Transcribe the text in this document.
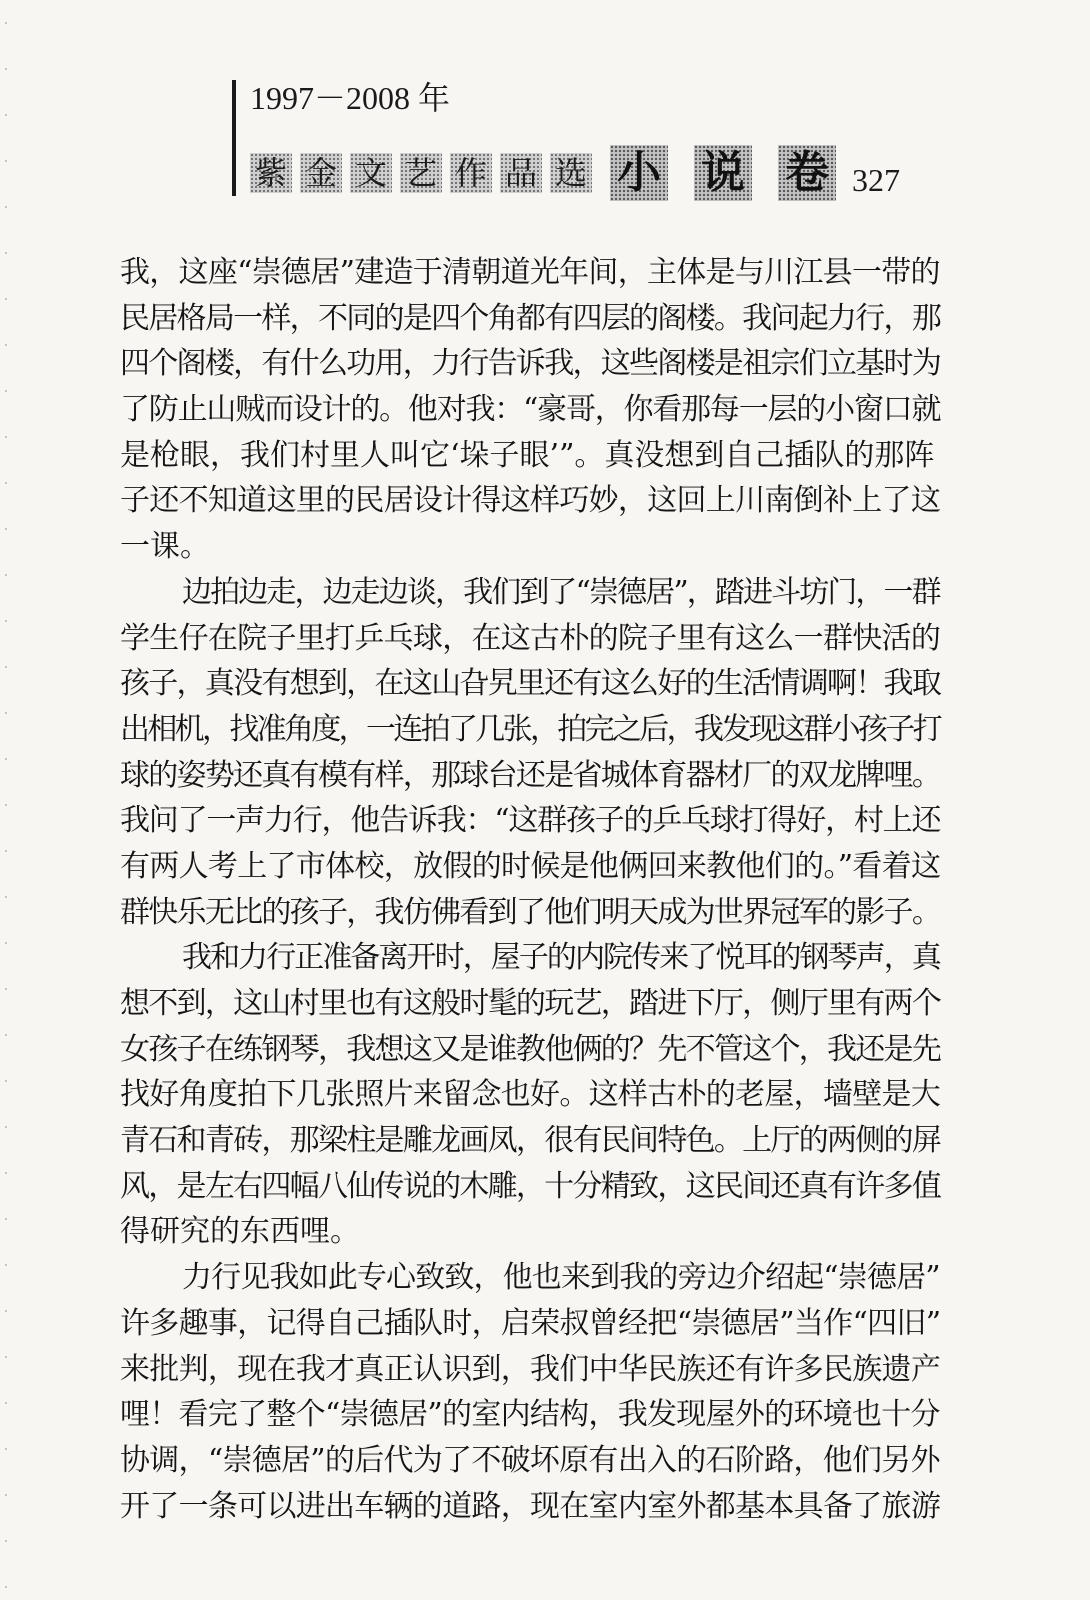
1997－2008 年
紫 金 文 艺 作 品 选 小 说 卷 327
我，这座“崇德居”建造于清朝道光年间，主体是与川江县一带的
民居格局一样，不同的是四个角都有四层的阁楼。我问起力行，那
四个阁楼，有什么功用，力行告诉我，这些阁楼是祖宗们立基时为
了防止山贼而设计的。他对我：“豪哥，你看那每一层的小窗口就
是枪眼，我们村里人叫它‘垛子眼’”。真没想到自己插队的那阵
子还不知道这里的民居设计得这样巧妙，这回上川南倒补上了这
一课。
边拍边走，边走边谈，我们到了“崇德居”，踏进斗坊门，一群
学生仔在院子里打乒乓球，在这古朴的院子里有这么一群快活的
孩子，真没有想到，在这山旮旯里还有这么好的生活情调啊！我取
出相机，找准角度，一连拍了几张，拍完之后，我发现这群小孩子打
球的姿势还真有模有样，那球台还是省城体育器材厂的双龙牌哩。
我问了一声力行，他告诉我：“这群孩子的乒乓球打得好，村上还
有两人考上了市体校，放假的时候是他俩回来教他们的。”看着这
群快乐无比的孩子，我仿佛看到了他们明天成为世界冠军的影子。
我和力行正准备离开时，屋子的内院传来了悦耳的钢琴声，真
想不到，这山村里也有这般时髦的玩艺，踏进下厅，侧厅里有两个
女孩子在练钢琴，我想这又是谁教他俩的？先不管这个，我还是先
找好角度拍下几张照片来留念也好。这样古朴的老屋，墙壁是大
青石和青砖，那梁柱是雕龙画凤，很有民间特色。上厅的两侧的屏
风，是左右四幅八仙传说的木雕，十分精致，这民间还真有许多值
得研究的东西哩。
力行见我如此专心致致，他也来到我的旁边介绍起“崇德居”
许多趣事，记得自己插队时，启荣叔曾经把“崇德居”当作“四旧”
来批判，现在我才真正认识到，我们中华民族还有许多民族遗产
哩！看完了整个“崇德居”的室内结构，我发现屋外的环境也十分
协调，“崇德居”的后代为了不破坏原有出入的石阶路，他们另外
开了一条可以进出车辆的道路，现在室内室外都基本具备了旅游
